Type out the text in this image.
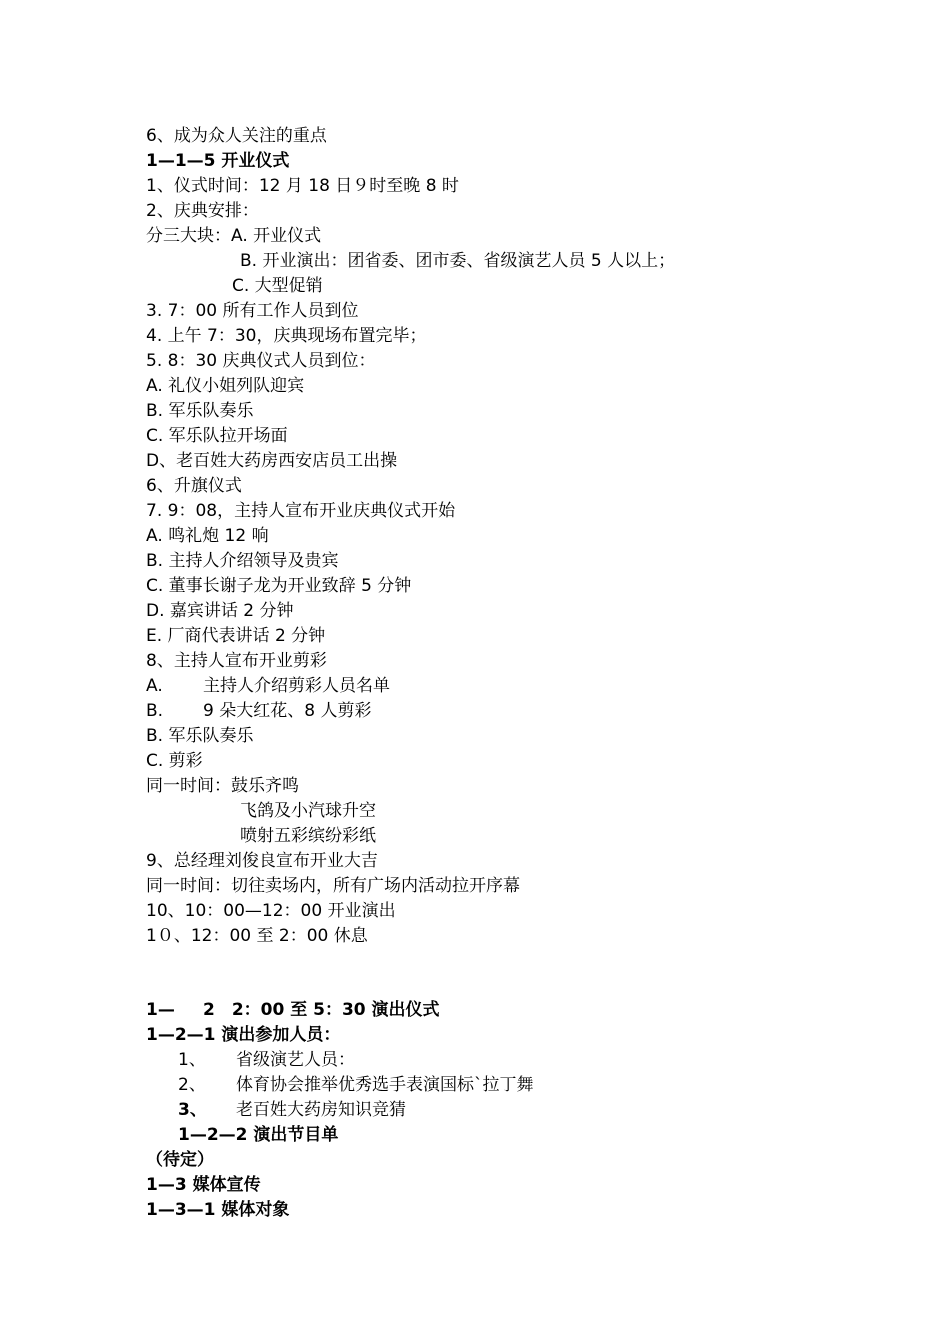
6、成为众人关注的重点
1—1—5 开业仪式
1、仪式时间：12 月 18 日９时至晚 8 时
2、庆典安排：
分三大块：A. 开业仪式
B. 开业演出：团省委、团市委、省级演艺人员 5 人以上；
C. 大型促销
3. 7：00 所有工作人员到位
4. 上午 7：30，庆典现场布置完毕；
5. 8：30 庆典仪式人员到位：
A. 礼仪小姐列队迎宾
B. 军乐队奏乐
C. 军乐队拉开场面
D、老百姓大药房西安店员工出操
6、升旗仪式
7. 9：08，主持人宣布开业庆典仪式开始
A. 鸣礼炮 12 响
B. 主持人介绍领导及贵宾
C. 董事长谢子龙为开业致辞 5 分钟
D. 嘉宾讲话 2 分钟
E. 厂商代表讲话 2 分钟
8、主持人宣布开业剪彩
A. 主持人介绍剪彩人员名单
B. 9 朵大红花、8 人剪彩
B. 军乐队奏乐
C. 剪彩
同一时间：鼓乐齐鸣
飞鸽及小汽球升空
喷射五彩缤纷彩纸
9、总经理刘俊良宣布开业大吉
同一时间：切往卖场内，所有广场内活动拉开序幕
10、10：00—12：00 开业演出
1０、12：00 至 2：00 休息
1— 2　2：00 至 5：30 演出仪式
1—2—1 演出参加人员：
1、 省级演艺人员：
2、 体育协会推举优秀选手表演国标`拉丁舞
3、 老百姓大药房知识竞猜
1—2—2 演出节目单
（待定）
1—3 媒体宣传
1—3—1 媒体对象
